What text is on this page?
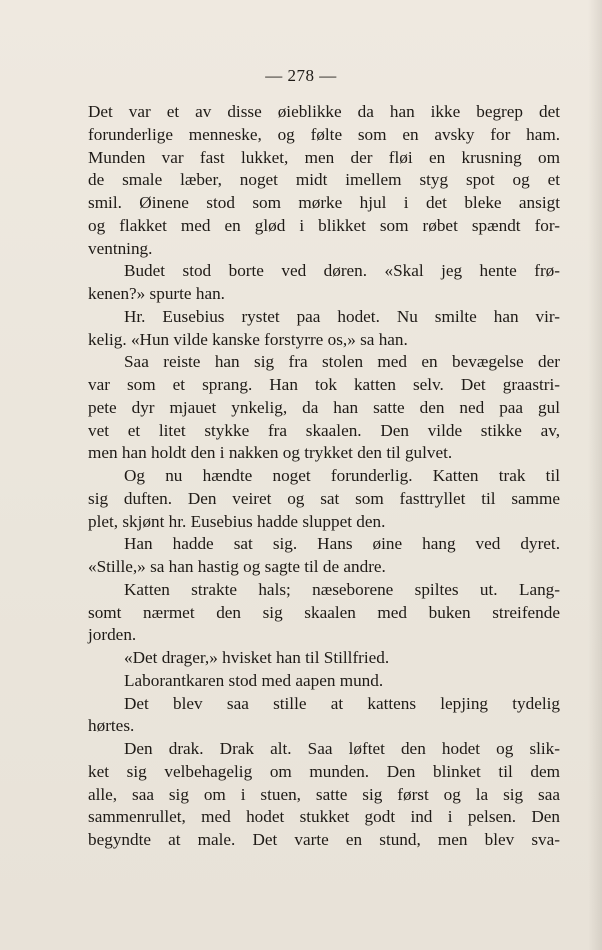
— 278 —
Det var et av disse øieblikke da han ikke begrep det
forunderlige menneske, og følte som en avsky for ham.
Munden var fast lukket, men der fløi en krusning om
de smale læber, noget midt imellem styg spot og et
smil. Øinene stod som mørke hjul i det bleke ansigt
og flakket med en glød i blikket som røbet spændt for-
ventning.
Budet stod borte ved døren. «Skal jeg hente frø-
kenen?» spurte han.
Hr. Eusebius rystet paa hodet. Nu smilte han vir-
kelig. «Hun vilde kanske forstyrre os,» sa han.
Saa reiste han sig fra stolen med en bevægelse der
var som et sprang. Han tok katten selv. Det graastri-
pete dyr mjauet ynkelig, da han satte den ned paa gul
vet et litet stykke fra skaalen. Den vilde stikke av,
men han holdt den i nakken og trykket den til gulvet.
Og nu hændte noget forunderlig. Katten trak til
sig duften. Den veiret og sat som fasttryllet til samme
plet, skjønt hr. Eusebius hadde sluppet den.
Han hadde sat sig. Hans øine hang ved dyret.
«Stille,» sa han hastig og sagte til de andre.
Katten strakte hals; næseborene spiltes ut. Lang-
somt nærmet den sig skaalen med buken streifende
jorden.
«Det drager,» hvisket han til Stillfried.
Laborantkaren stod med aapen mund.
Det blev saa stille at kattens lepjing tydelig
hørtes.
Den drak. Drak alt. Saa løftet den hodet og slik-
ket sig velbehagelig om munden. Den blinket til dem
alle, saa sig om i stuen, satte sig først og la sig saa
sammenrullet, med hodet stukket godt ind i pelsen. Den
begyndte at male. Det varte en stund, men blev sva-
